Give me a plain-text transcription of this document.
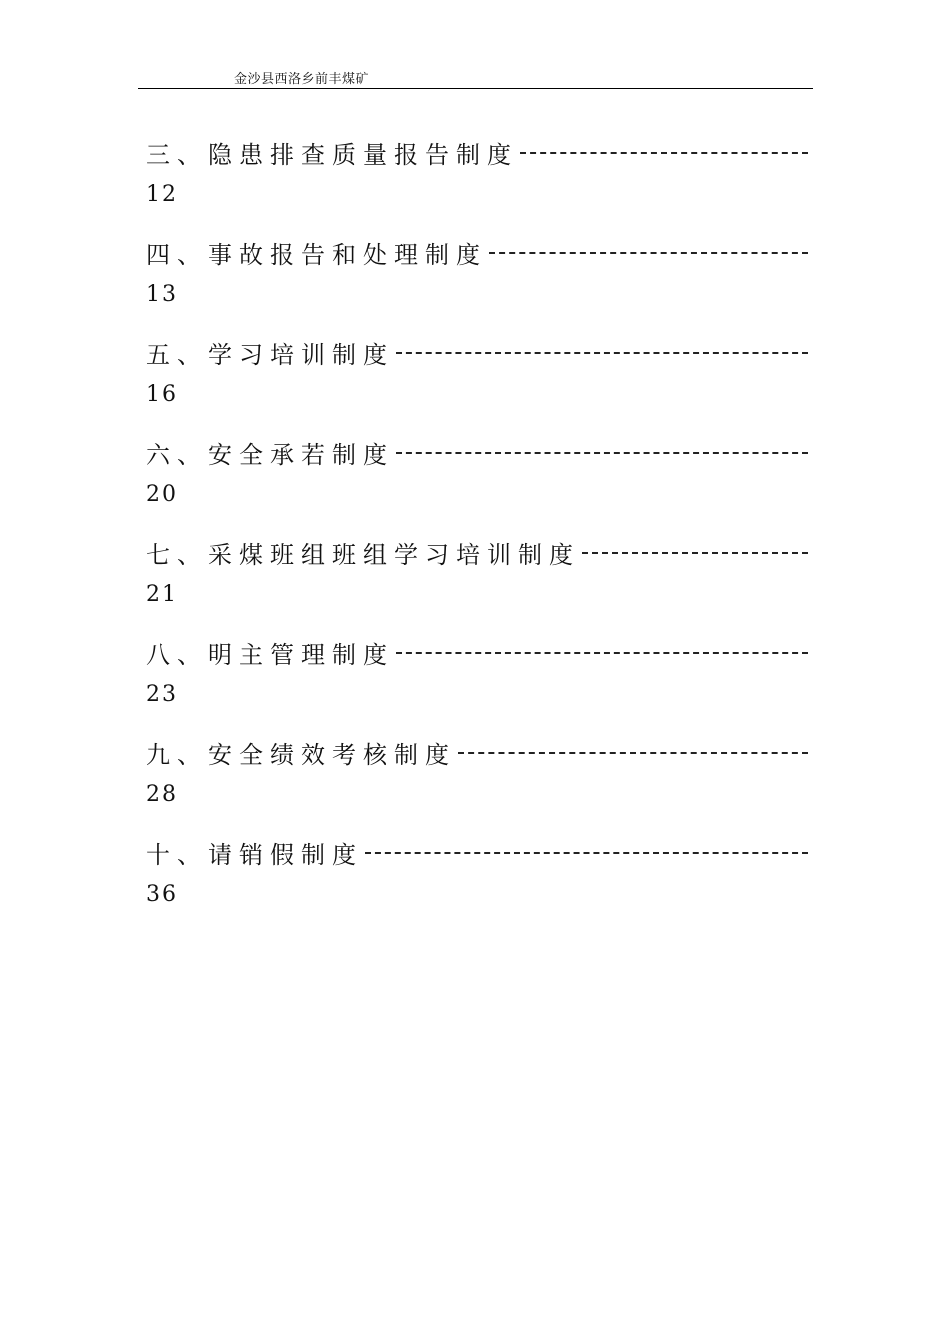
金沙县西洛乡前丰煤矿
三、隐患排查质量报告制度
12
四、事故报告和处理制度
13
五、学习培训制度
16
六、安全承若制度
20
七、采煤班组班组学习培训制度
21
八、明主管理制度
23
九、安全绩效考核制度
28
十、请销假制度
36
